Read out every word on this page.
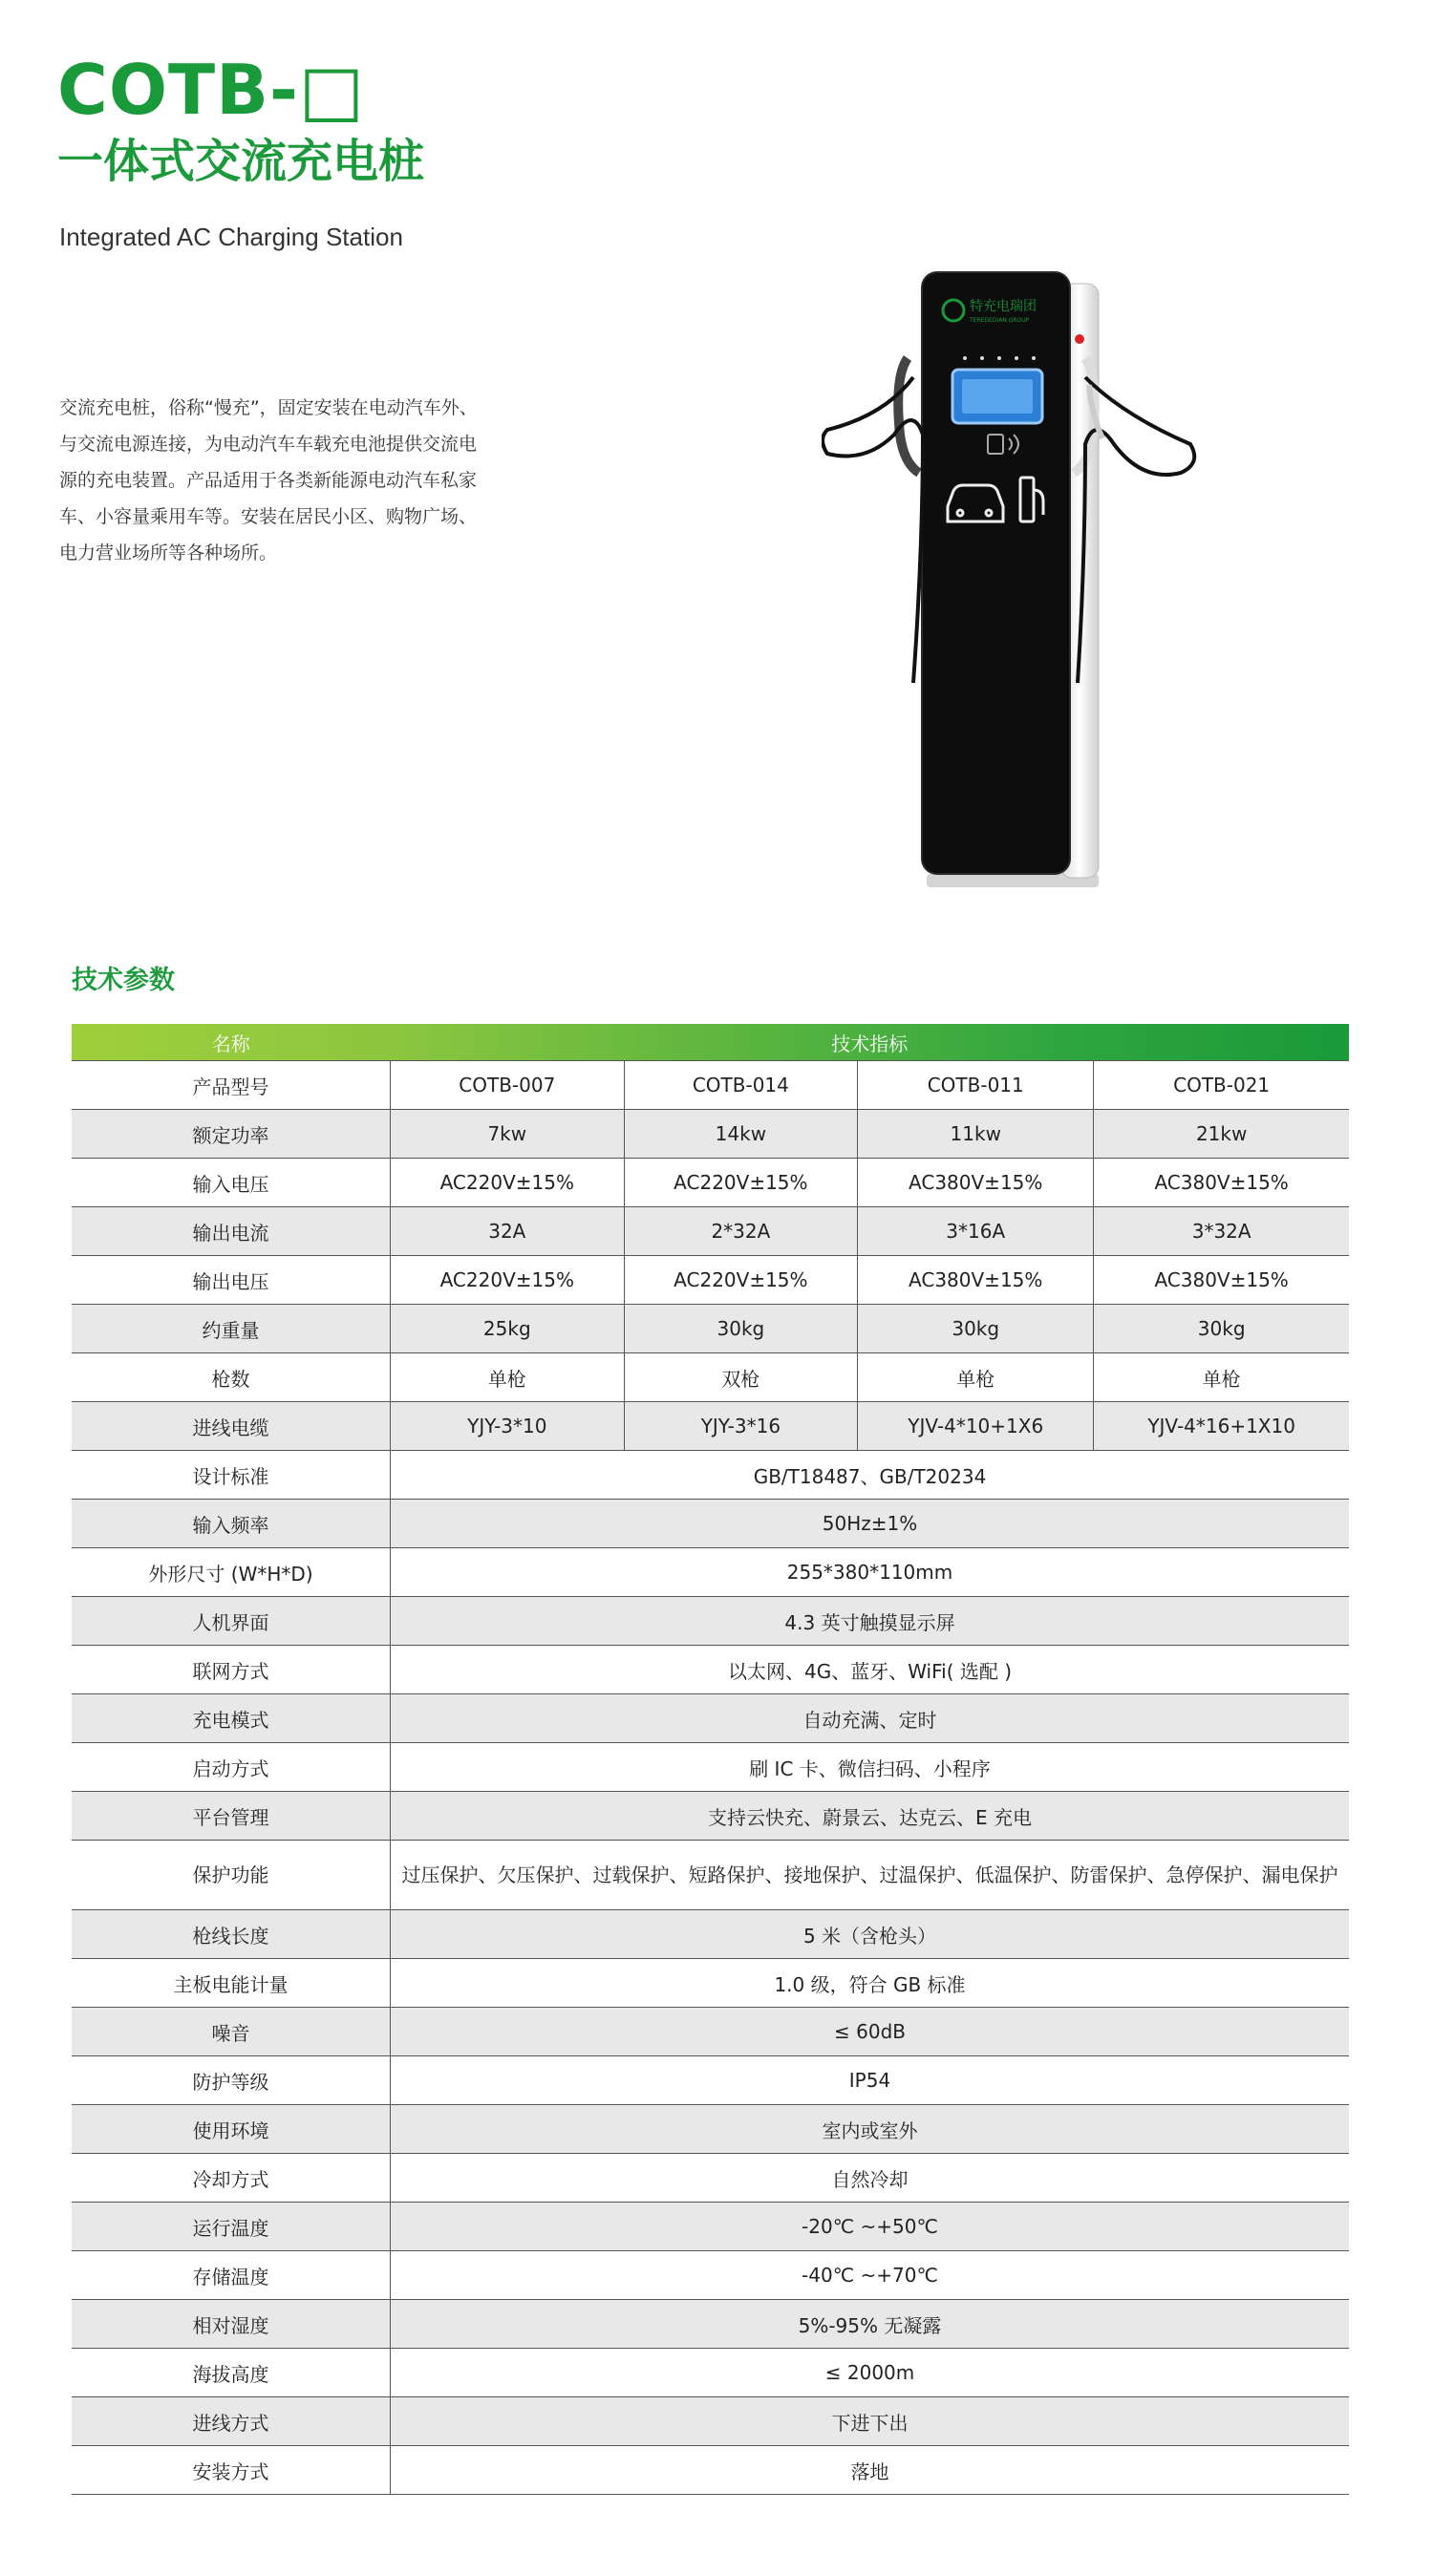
COTB-□
一体式交流充电桩
Integrated AC Charging Station
交流充电桩，俗称“慢充”，固定安装在电动汽车外、
与交流电源连接，为电动汽车车载充电池提供交流电
源的充电装置。产品适用于各类新能源电动汽车私家
车、小容量乘用车等。安装在居民小区、购物广场、
电力营业场所等各种场所。
特充电瑞团
TEREDEDIAN GROUP
技术参数
名称	技术指标			
产品型号	COTB-007	COTB-014	COTB-011	COTB-021
额定功率	7kw	14kw	11kw	21kw
输入电压	AC220V±15%	AC220V±15%	AC380V±15%	AC380V±15%
输出电流	32A	2*32A	3*16A	3*32A
输出电压	AC220V±15%	AC220V±15%	AC380V±15%	AC380V±15%
约重量	25kg	30kg	30kg	30kg
枪数	单枪	双枪	单枪	单枪
进线电缆	YJY-3*10	YJY-3*16	YJV-4*10+1X6	YJV-4*16+1X10
设计标准	GB/T18487、GB/T20234			
输入频率	50Hz±1%			
外形尺寸 (W*H*D)	255*380*110mm			
人机界面	4.3 英寸触摸显示屏			
联网方式	以太网、4G、蓝牙、WiFi( 选配 )			
充电模式	自动充满、定时			
启动方式	刷 IC 卡、微信扫码、小程序			
平台管理	支持云快充、蔚景云、达克云、E 充电			
保护功能	过压保护、欠压保护、过载保护、短路保护、接地保护、过温保护、低温保护、防雷保护、急停保护、漏电保护			
枪线长度	5 米（含枪头）			
主板电能计量	1.0 级，符合 GB 标准			
噪音	≤ 60dB			
防护等级	IP54			
使用环境	室内或室外			
冷却方式	自然冷却			
运行温度	-20℃ ~+50℃			
存储温度	-40℃ ~+70℃			
相对湿度	5%-95% 无凝露			
海拔高度	≤ 2000m			
进线方式	下进下出			
安装方式	落地			
